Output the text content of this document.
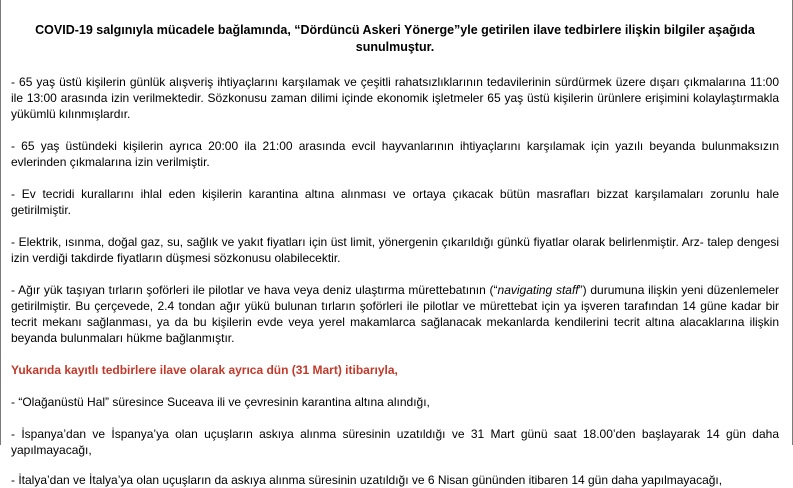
COVID-19 salgınıyla mücadele bağlamında, “Dördüncü Askeri Yönerge”yle getirilen ilave tedbirlere ilişkin bilgiler aşağıda sunulmuştur.

- 65 yaş üstü kişilerin günlük alışveriş ihtiyaçlarını karşılamak ve çeşitli rahatsızlıklarının tedavilerinin sürdürmek üzere dışarı çıkmalarına 11:00 ile 13:00 arasında izin verilmektedir. Sözkonusu zaman dilimi içinde ekonomik işletmeler 65 yaş üstü kişilerin ürünlere erişimini kolaylaştırmakla yükümlü kılınmışlardır.

- 65 yaş üstündeki kişilerin ayrıca 20:00 ila 21:00 arasında evcil hayvanlarının ihtiyaçlarını karşılamak için yazılı beyanda bulunmaksızın evlerinden çıkmalarına izin verilmiştir.

- Ev tecridi kurallarını ihlal eden kişilerin karantina altına alınması ve ortaya çıkacak bütün masrafları bizzat karşılamaları zorunlu hale getirilmiştir.

- Elektrik, ısınma, doğal gaz, su, sağlık ve yakıt fiyatları için üst limit, yönergenin çıkarıldığı günkü fiyatlar olarak belirlenmiştir. Arz- talep dengesi izin verdiği takdirde fiyatların düşmesi sözkonusu olabilecektir.

- Ağır yük taşıyan tırların şoförleri ile pilotlar ve hava veya deniz ulaştırma mürettebatının (“navigating staff”) durumuna ilişkin yeni düzenlemeler getirilmiştir. Bu çerçevede, 2.4 tondan ağır yükü bulunan tırların şoförleri ile pilotlar ve mürettebat için ya işveren tarafından 14 güne kadar bir tecrit mekanı sağlanması, ya da bu kişilerin evde veya yerel makamlarca sağlanacak mekanlarda kendilerini tecrit altına alacaklarına ilişkin beyanda bulunmaları hükme bağlanmıştır.

Yukarıda kayıtlı tedbirlere ilave olarak ayrıca dün (31 Mart) itibarıyla,

- “Olağanüstü Hal” süresince Suceava ili ve çevresinin karantina altına alındığı,

- İspanya’dan ve İspanya’ya olan uçuşların askıya alınma süresinin uzatıldığı ve 31 Mart günü saat 18.00’den başlayarak 14 gün daha yapılmayacağı,

- İtalya’dan ve İtalya’ya olan uçuşların da askıya alınma süresinin uzatıldığı ve 6 Nisan gününden itibaren 14 gün daha yapılmayacağı,
